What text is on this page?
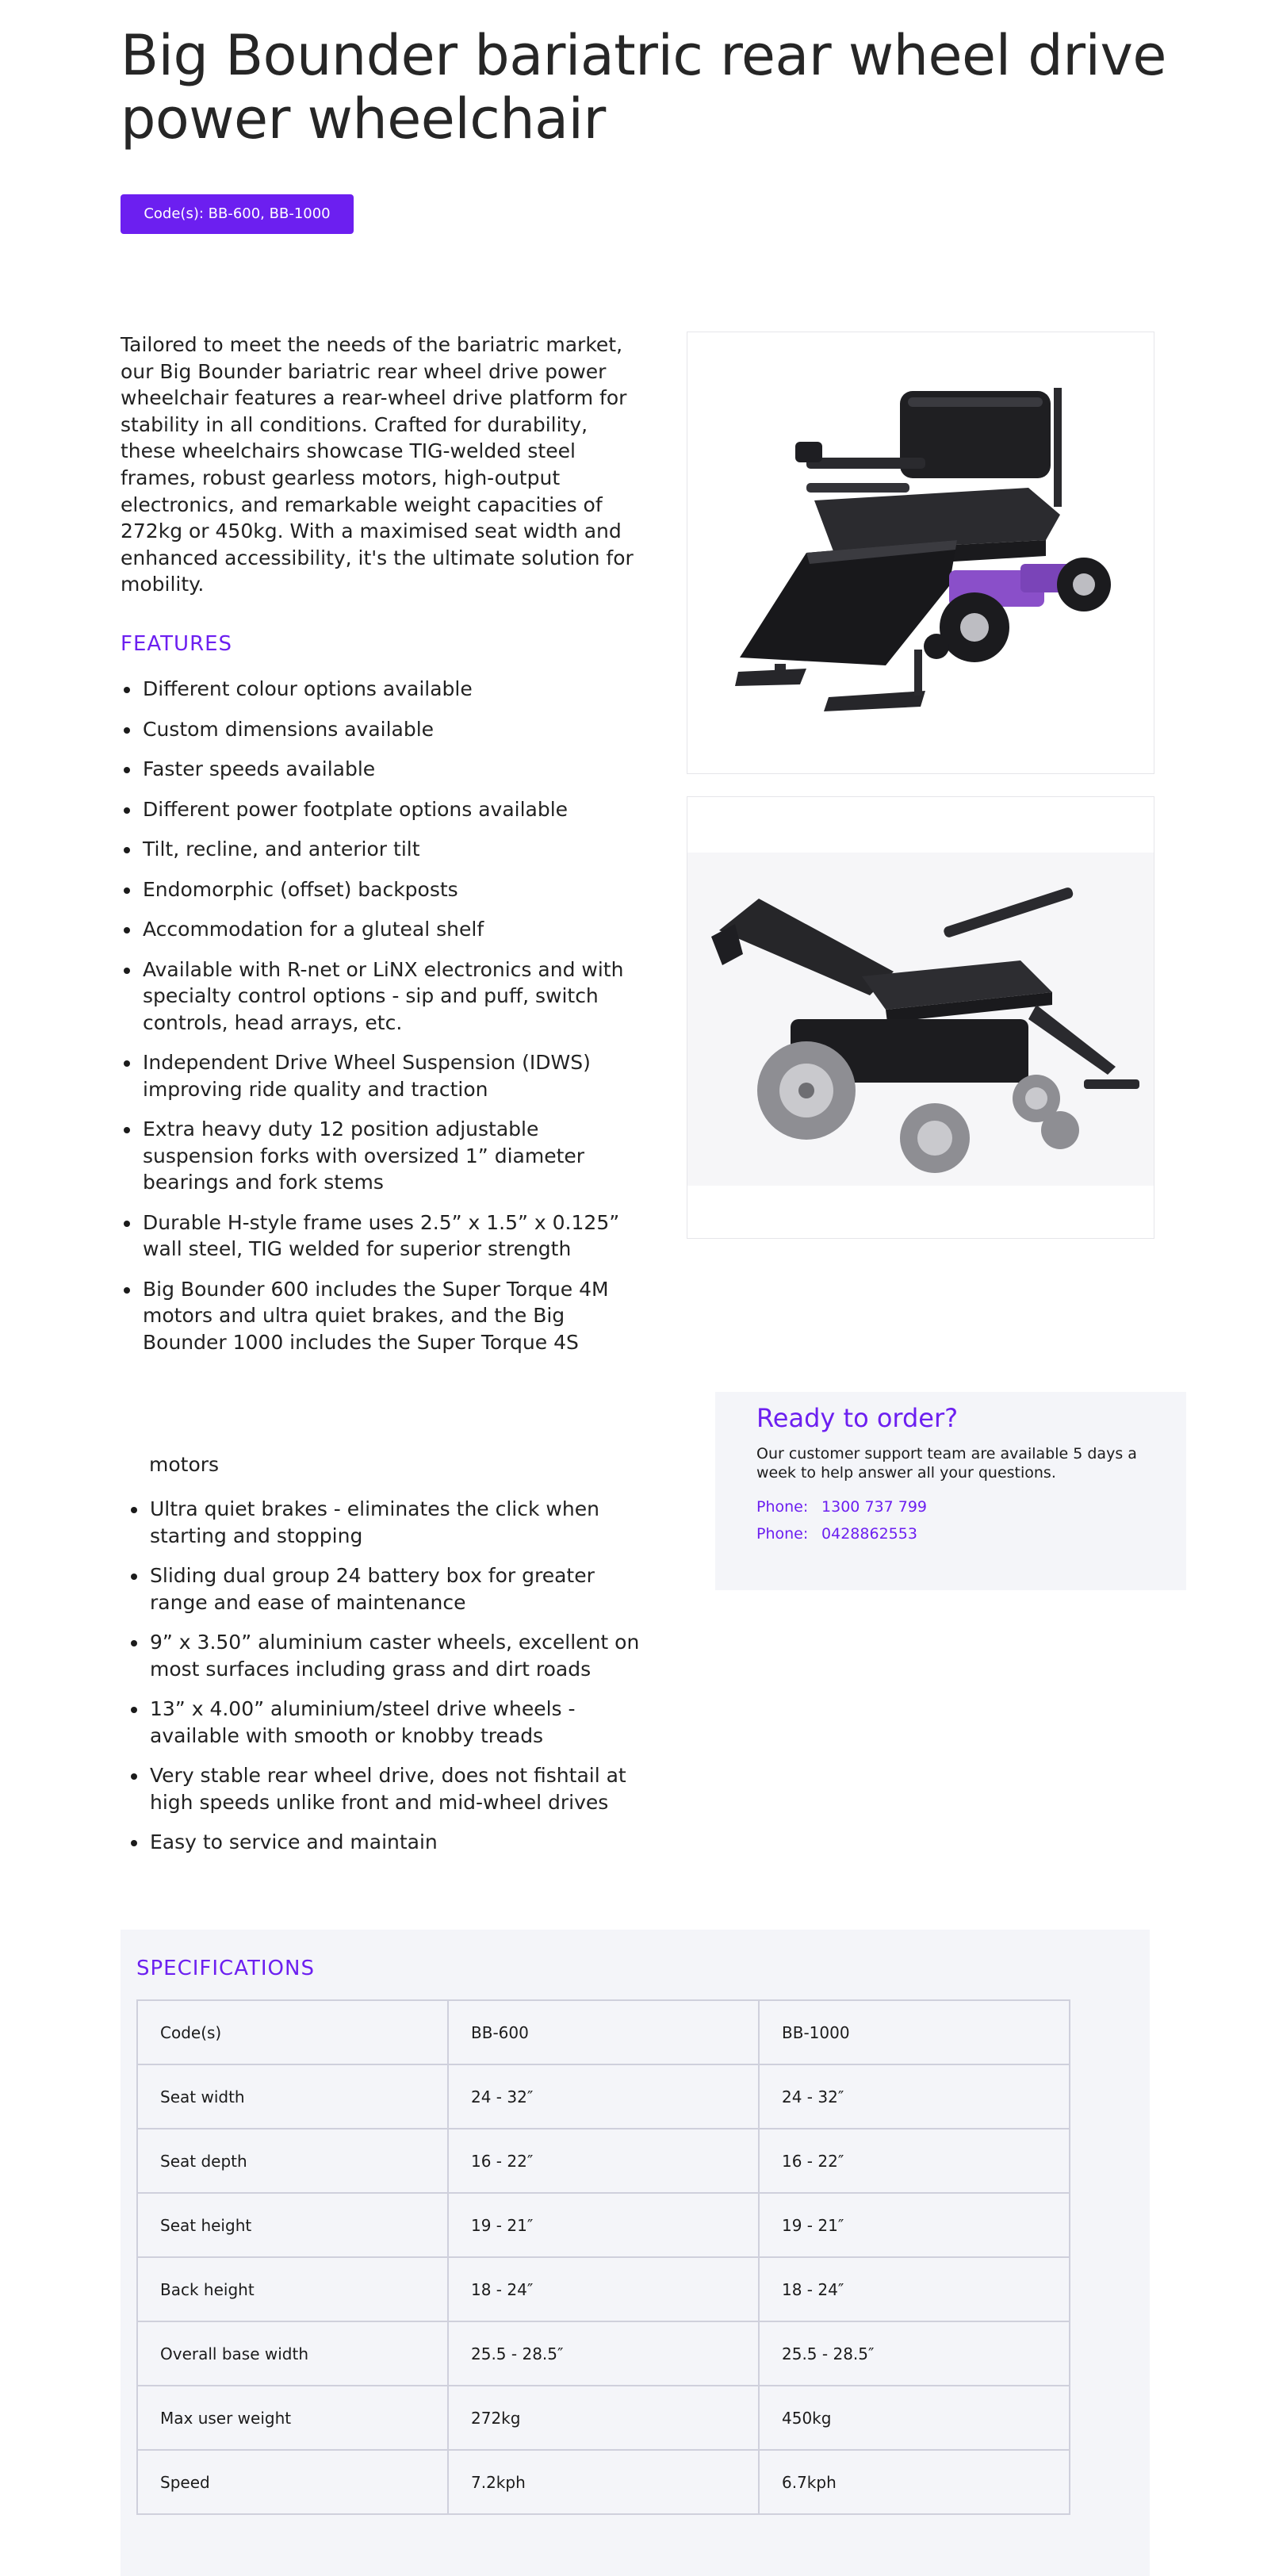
Big Bounder bariatric rear wheel drive power wheelchair
Code(s): BB-600, BB-1000

Tailored to meet the needs of the bariatric market, our Big Bounder bariatric rear wheel drive power wheelchair features a rear-wheel drive platform for stability in all conditions. Crafted for durability, these wheelchairs showcase TIG-welded steel frames, robust gearless motors, high-output electronics, and remarkable weight capacities of 272kg or 450kg. With a maximised seat width and enhanced accessibility, it's the ultimate solution for mobility.

FEATURES
Different colour options available
Custom dimensions available
Faster speeds available
Different power footplate options available
Tilt, recline, and anterior tilt
Endomorphic (offset) backposts
Accommodation for a gluteal shelf
Available with R-net or LiNX electronics and with specialty control options - sip and puff, switch controls, head arrays, etc.
Independent Drive Wheel Suspension (IDWS) improving ride quality and traction
Extra heavy duty 12 position adjustable suspension forks with oversized 1” diameter bearings and fork stems
Durable H-style frame uses 2.5” x 1.5” x 0.125” wall steel, TIG welded for superior strength
Big Bounder 600 includes the Super Torque 4M motors and ultra quiet brakes, and the Big Bounder 1000 includes the Super Torque 4S
motors
Ultra quiet brakes - eliminates the click when starting and stopping
Sliding dual group 24 battery box for greater range and ease of maintenance
9” x 3.50” aluminium caster wheels, excellent on most surfaces including grass and dirt roads
13” x 4.00” aluminium/steel drive wheels - available with smooth or knobby treads
Very stable rear wheel drive, does not fishtail at high speeds unlike front and mid-wheel drives
Easy to service and maintain
Ready to order?
Our customer support team are available 5 days a week to help answer all your questions.
Phone: 1300 737 799
Phone: 0428862553
SPECIFICATIONS
Code(s)	BB-600	BB-1000
Seat width	24 - 32″	24 - 32″
Seat depth	16 - 22″	16 - 22″
Seat height	19 - 21″	19 - 21″
Back height	18 - 24″	18 - 24″
Overall base width	25.5 - 28.5″	25.5 - 28.5″
Max user weight	272kg	450kg
Speed	7.2kph	6.7kph
